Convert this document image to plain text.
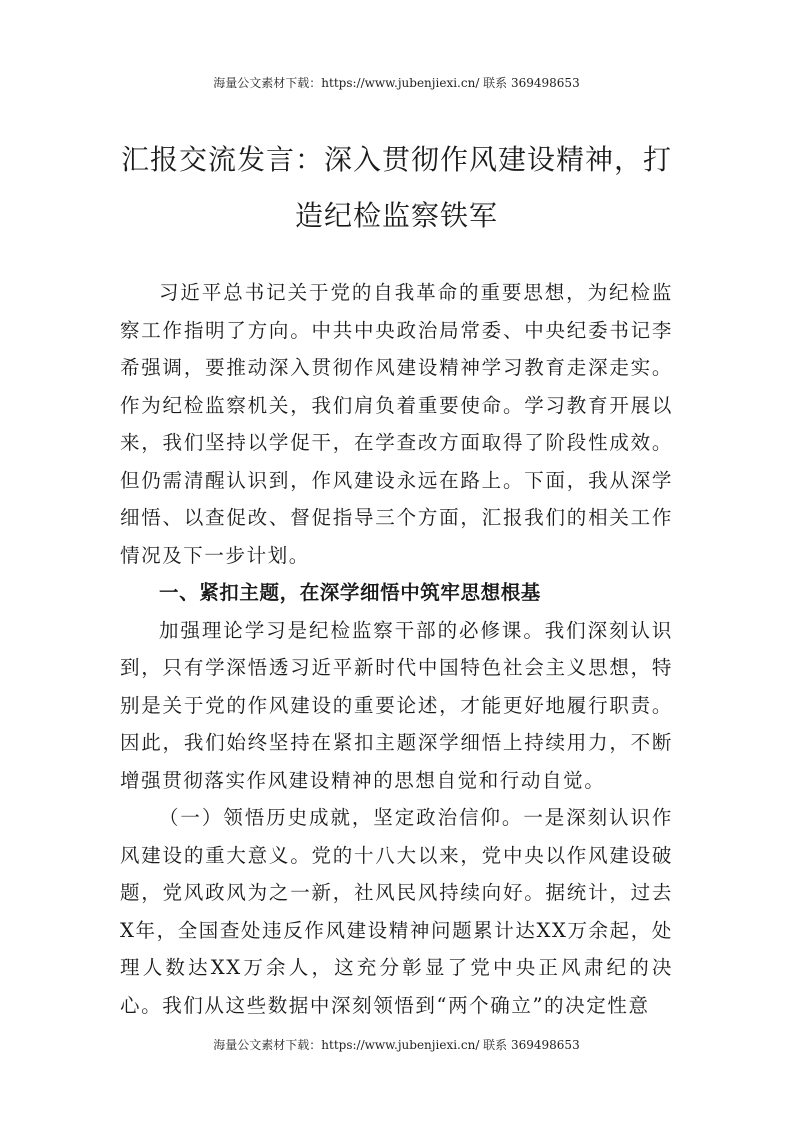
海量公文素材下载：https://www.jubenjiexi.cn/ 联系 369498653
汇报交流发言：深入贯彻作风建设精神，打造纪检监察铁军

习近平总书记关于党的自我革命的重要思想，为纪检监察工作指明了方向。中共中央政治局常委、中央纪委书记李希强调，要推动深入贯彻作风建设精神学习教育走深走实。作为纪检监察机关，我们肩负着重要使命。学习教育开展以来，我们坚持以学促干，在学查改方面取得了阶段性成效。但仍需清醒认识到，作风建设永远在路上。下面，我从深学细悟、以查促改、督促指导三个方面，汇报我们的相关工作情况及下一步计划。

一、紧扣主题，在深学细悟中筑牢思想根基

加强理论学习是纪检监察干部的必修课。我们深刻认识到，只有学深悟透习近平新时代中国特色社会主义思想，特别是关于党的作风建设的重要论述，才能更好地履行职责。因此，我们始终坚持在紧扣主题深学细悟上持续用力，不断增强贯彻落实作风建设精神的思想自觉和行动自觉。

（一）领悟历史成就，坚定政治信仰。一是深刻认识作风建设的重大意义。党的十八大以来，党中央以作风建设破题，党风政风为之一新，社风民风持续向好。据统计，过去X年，全国查处违反作风建设精神问题累计达XX万余起，处理人数达XX万余人，这充分彰显了党中央正风肃纪的决心。我们从这些数据中深刻领悟到“两个确立”的决定性意

海量公文素材下载：https://www.jubenjiexi.cn/ 联系 369498653
